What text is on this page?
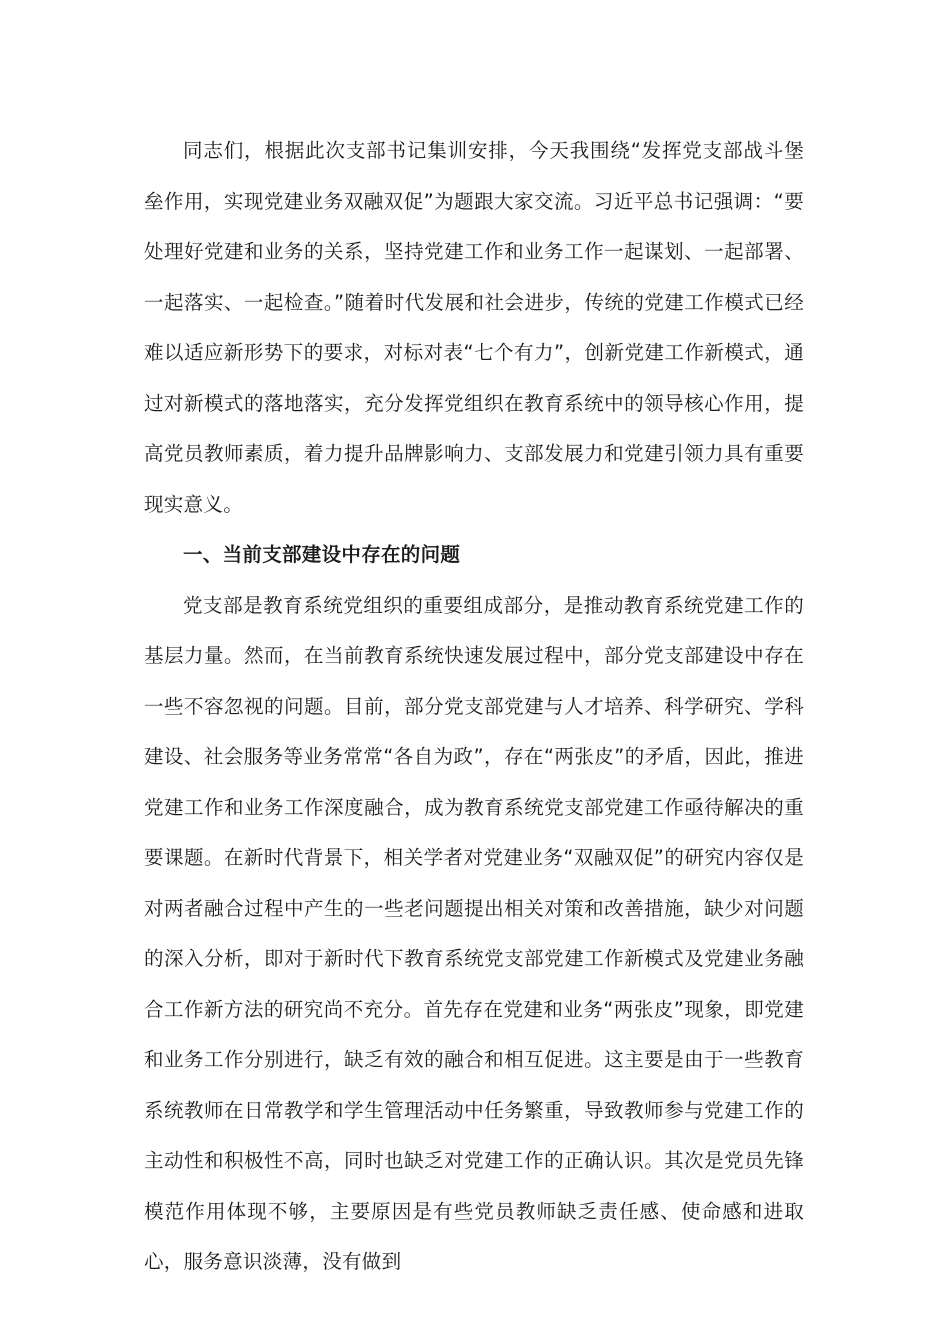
同志们，根据此次支部书记集训安排，今天我围绕“发挥党支部战斗堡垒作用，实现党建业务双融双促”为题跟大家交流。习近平总书记强调：“要处理好党建和业务的关系，坚持党建工作和业务工作一起谋划、一起部署、一起落实、一起检查。”随着时代发展和社会进步，传统的党建工作模式已经难以适应新形势下的要求，对标对表“七个有力”，创新党建工作新模式，通过对新模式的落地落实，充分发挥党组织在教育系统中的领导核心作用，提高党员教师素质，着力提升品牌影响力、支部发展力和党建引领力具有重要现实意义。

一、当前支部建设中存在的问题

党支部是教育系统党组织的重要组成部分，是推动教育系统党建工作的基层力量。然而，在当前教育系统快速发展过程中，部分党支部建设中存在一些不容忽视的问题。目前，部分党支部党建与人才培养、科学研究、学科建设、社会服务等业务常常“各自为政”，存在“两张皮”的矛盾，因此，推进党建工作和业务工作深度融合，成为教育系统党支部党建工作亟待解决的重要课题。在新时代背景下，相关学者对党建业务“双融双促”的研究内容仅是对两者融合过程中产生的一些老问题提出相关对策和改善措施，缺少对问题的深入分析，即对于新时代下教育系统党支部党建工作新模式及党建业务融合工作新方法的研究尚不充分。首先存在党建和业务“两张皮”现象，即党建和业务工作分别进行，缺乏有效的融合和相互促进。这主要是由于一些教育系统教师在日常教学和学生管理活动中任务繁重，导致教师参与党建工作的主动性和积极性不高，同时也缺乏对党建工作的正确认识。其次是党员先锋模范作用体现不够，主要原因是有些党员教师缺乏责任感、使命感和进取心，服务意识淡薄，没有做到
